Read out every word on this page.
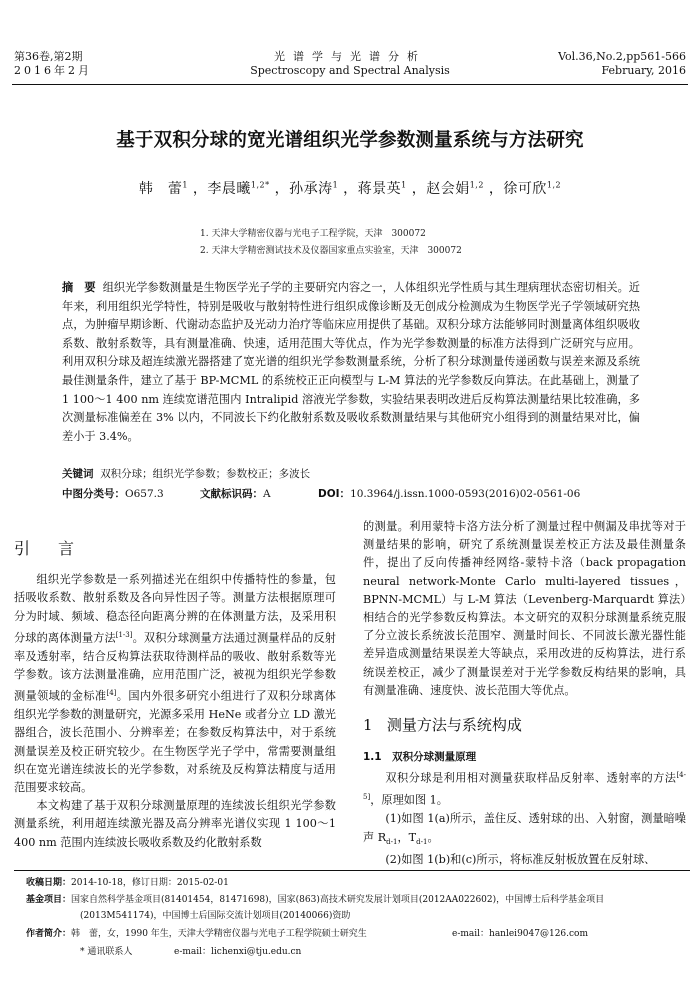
第36卷,第2期
2016年2月
光谱学与光谱分析
Spectroscopy and Spectral Analysis
Vol.36,No.2,pp561-566
February, 2016
基于双积分球的宽光谱组织光学参数测量系统与方法研究
韩　蕾$^1$ ，李晨曦$^{1,2*}$ ，孙承涛$^1$ ，蒋景英$^1$ ，赵会娟$^{1,2}$ ，徐可欣$^{1,2}$
1. 天津大学精密仪器与光电子工程学院，天津　300072
2. 天津大学精密测试技术及仪器国家重点实验室，天津　300072
摘　要 组织光学参数测量是生物医学光子学的主要研究内容之一，人体组织光学性质与其生理病理状态密切相关。近年来，利用组织光学特性，特别是吸收与散射特性进行组织成像诊断及无创成分检测成为生物医学光子学领域研究热点，为肿瘤早期诊断、代谢动态监护及光动力治疗等临床应用提供了基础。双积分球方法能够同时测量离体组织吸收系数、散射系数等，具有测量准确、快速，适用范围大等优点，作为光学参数测量的标准方法得到广泛研究与应用。利用双积分球及超连续激光器搭建了宽光谱的组织光学参数测量系统，分析了积分球测量传递函数与误差来源及系统最佳测量条件，建立了基于 BP-MCML 的系统校正正向模型与 L-M 算法的光学参数反向算法。在此基础上，测量了 1 100～1 400 nm 连续宽谱范围内 Intralipid 溶液光学参数，实验结果表明改进后反构算法测量结果比较准确，多次测量标准偏差在 3% 以内，不同波长下约化散射系数及吸收系数测量结果与其他研究小组得到的测量结果对比，偏差小于 3.4%。
关键词 双积分球；组织光学参数；参数校正；多波长
中图分类号：O657.3	文献标识码：A	DOI：10.3964/j.issn.1000-0593(2016)02-0561-06
引　言

组织光学参数是一系列描述光在组织中传播特性的参量，包括吸收系数、散射系数及各向异性因子等。测量方法根据原理可分为时域、频域、稳态径向距离分辨的在体测量方法，及采用积分球的离体测量方法[1-3]。双积分球测量方法通过测量样品的反射率及透射率，结合反构算法获取待测样品的吸收、散射系数等光学参数。该方法测量准确，应用范围广泛，被视为组织光学参数测量领域的金标准[4]。国内外很多研究小组进行了双积分球离体组织光学参数的测量研究，光源多采用 HeNe 或者分立 LD 激光器组合，波长范围小、分辨率差；在参数反构算法中，对于系统测量误差及校正研究较少。在生物医学光子学中，常需要测量组织在宽光谱连续波长的光学参数，对系统及反构算法精度与适用范围要求较高。

本文构建了基于双积分球测量原理的连续波长组织光学参数测量系统，利用超连续激光器及高分辨率光谱仪实现 1 100～1 400 nm 范围内连续波长吸收系数及约化散射系数

的测量。利用蒙特卡洛方法分析了测量过程中侧漏及串扰等对于测量结果的影响，研究了系统测量误差校正方法及最佳测量条件，提出了反向传播神经网络-蒙特卡洛（back propagation neural network-Monte Carlo multi-layered tissues，BPNN-MCML）与 L-M 算法（Levenberg-Marquardt 算法）相结合的光学参数反构算法。本文研究的双积分球测量系统克服了分立波长系统波长范围窄、测量时间长、不同波长激光器性能差异造成测量结果误差大等缺点，采用改进的反构算法，进行系统误差校正，减少了测量误差对于光学参数反构结果的影响，具有测量准确、速度快、波长范围大等优点。

1 测量方法与系统构成
1.1　双积分球测量原理

双积分球是利用相对测量获取样品反射率、透射率的方法[4-5]，原理如图 1。

(1)如图 1(a)所示，盖住反、透射球的出、入射窗，测量暗噪声 $R_{d-1}$，$T_{d-1}$。

(2)如图 1(b)和(c)所示，将标准反射板放置在反射球、

收稿日期：2014-10-18，修订日期：2015-02-01
基金项目：国家自然科学基金项目(81401454，81471698)，国家(863)高技术研究发展计划项目(2012AA022602)，中国博士后科学基金项目
(2013M541174)，中国博士后国际交流计划项目(20140066)资助
作者简介：韩　蕾，女，1990 年生，天津大学精密仪器与光电子工程学院硕士研究生	e-mail：hanlei9047@126.com
* 通讯联系人	e-mail：lichenxi@tju.edu.cn
